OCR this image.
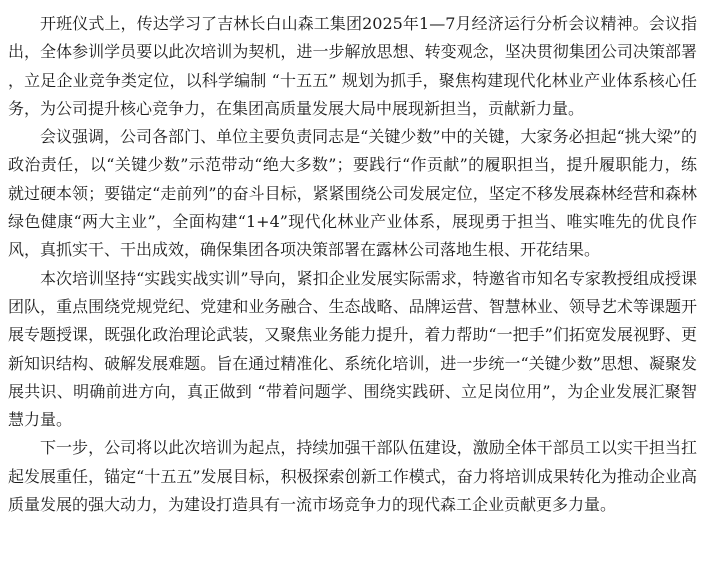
开班仪式上，传达学习了吉林长白山森工集团2025年1—7月经济运行分析会议精神。会议指出，全体参训学员要以此次培训为契机，进一步解放思想、转变观念，坚决贯彻集团公司决策部署，立足企业竞争类定位，以科学编制 “十五五” 规划为抓手，聚焦构建现代化林业产业体系核心任务，为公司提升核心竞争力，在集团高质量发展大局中展现新担当，贡献新力量。

会议强调，公司各部门、单位主要负责同志是“关键少数”中的关键，大家务必担起“挑大梁”的政治责任，以“关键少数”示范带动“绝大多数”；要践行“作贡献”的履职担当，提升履职能力，练就过硬本领；要锚定“走前列”的奋斗目标，紧紧围绕公司发展定位，坚定不移发展森林经营和森林绿色健康“两大主业”，全面构建“1+4”现代化林业产业体系，展现勇于担当、唯实唯先的优良作风，真抓实干、干出成效，确保集团各项决策部署在露林公司落地生根、开花结果。

本次培训坚持“实践实战实训”导向，紧扣企业发展实际需求，特邀省市知名专家教授组成授课团队，重点围绕党规党纪、党建和业务融合、生态战略、品牌运营、智慧林业、领导艺术等课题开展专题授课，既强化政治理论武装，又聚焦业务能力提升，着力帮助“一把手”们拓宽发展视野、更新知识结构、破解发展难题。旨在通过精准化、系统化培训，进一步统一“关键少数”思想、凝聚发展共识、明确前进方向，真正做到 “带着问题学、围绕实践研、立足岗位用”，为企业发展汇聚智慧力量。

下一步，公司将以此次培训为起点，持续加强干部队伍建设，激励全体干部员工以实干担当扛起发展重任，锚定“十五五”发展目标，积极探索创新工作模式，奋力将培训成果转化为推动企业高质量发展的强大动力，为建设打造具有一流市场竞争力的现代森工企业贡献更多力量。
